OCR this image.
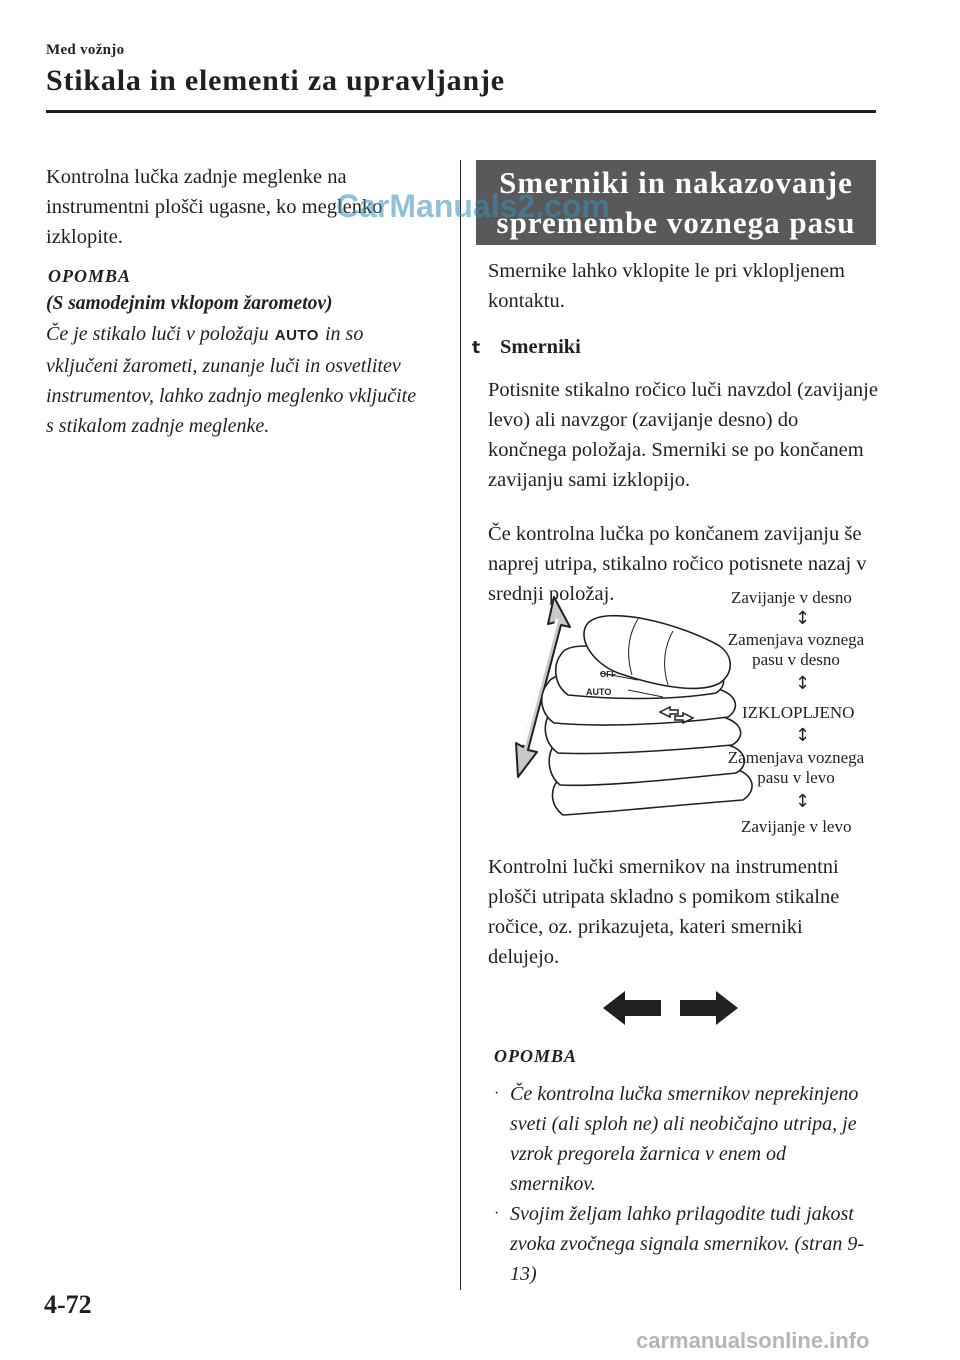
Med vožnjo
Stikala in elementi za upravljanje

Kontrolna lučka zadnje meglenke na instrumentni plošči ugasne, ko meglenko izklopite.

OPOMBA
(S samodejnim vklopom žarometov)

Če je stikalo luči v položaju AUTO in so vključeni žarometi, zunanje luči in osvetlitev instrumentov, lahko zadnjo meglenko vključite s stikalom zadnje meglenke.

Smerniki in nakazovanje
spremembe voznega pasu

Smernike lahko vklopite le pri vklopljenem kontaktu.

t Smerniki

Potisnite stikalno ročico luči navzdol (zavijanje levo) ali navzgor (zavijanje desno) do končnega položaja. Smerniki se po končanem zavijanju sami izklopijo.

Če kontrolna lučka po končanem zavijanju še naprej utripa, stikalno ročico potisnete nazaj v srednji položaj.

AUTO
OFF
Zavijanje v desno
↕
Zamenjava voznega
pasu v desno
↕
IZKLOPLJENO
↕
Zamenjava voznega
pasu v levo
↕
Zavijanje v levo

Kontrolni lučki smernikov na instrumentni plošči utripata skladno s pomikom stikalne ročice, oz. prikazujeta, kateri smerniki delujejo.

OPOMBA
· Če kontrolna lučka smernikov neprekinjeno sveti (ali sploh ne) ali neobičajno utripa, je vzrok pregorela žarnica v enem od smernikov.
· Svojim željam lahko prilagodite tudi jakost zvoka zvočnega signala smernikov. (stran 9-13)
4-72
CarManuals2.com
carmanualsonline.info
